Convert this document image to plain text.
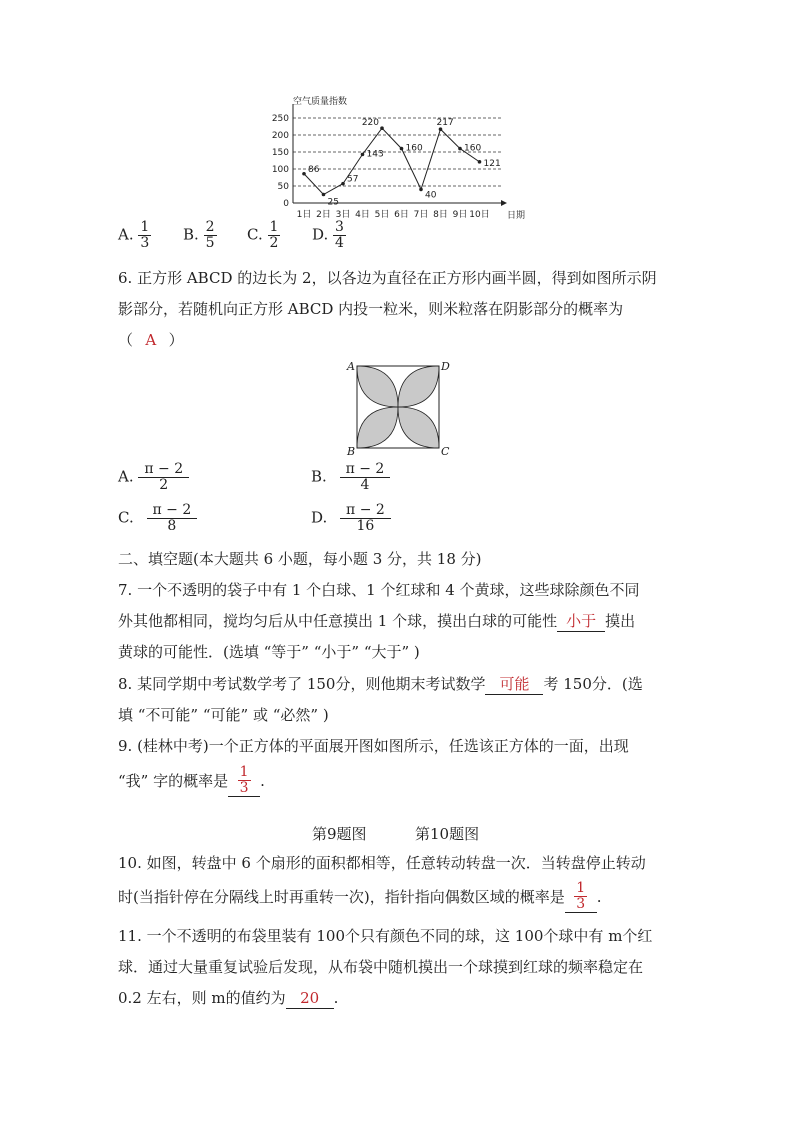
空气质量指数
0
50
100
150
200
250
1日 2日 3日 4日 5日 6日 7日 8日 9日 10日
86
25
57
143
220
160
40
217
160
121
日期
A. $\frac{1}{3} B$. $\frac{2}{5} C$. $\frac{1}{2} D$. $\frac{3}{4}$
6. 正方形 ABCD 的边长为 2，以各边为直径在正方形内画半圆，得到如图所示阴
影部分，若随机向正方形 ABCD 内投一粒米，则米粒落在阴影部分的概率为
（ A ）
A	D
B	C
A. $\frac{\pi - 2}{2}$	B. $\frac{\pi - 2}{4}$
C. $\frac{\pi - 2}{8}$	D. $\frac{\pi - 2}{16}$
二、填空题(本大题共 6 小题，每小题 3 分，共 18 分)
7. 一个不透明的袋子中有 1 个白球、1 个红球和 4 个黄球，这些球除颜色不同
外其他都相同，搅均匀后从中任意摸出 1 个球，摸出白球的可能性 小于 摸出
黄球的可能性．(选填 “等于” “小于” “大于” )
8. 某同学期中考试数学考了 150分，则他期末考试数学 可能 考 150分．(选
填 “不可能” “可能” 或 “必然” )
9. (桂林中考)一个正方体的平面展开图如图所示，任选该正方体的一面，出现
“我” 字的概率是 $\frac{1}{3}$ .
第9题图	第10题图
10. 如图，转盘中 6 个扇形的面积都相等，任意转动转盘一次．当转盘停止转动
时(当指针停在分隔线上时再重转一次)，指针指向偶数区域的概率是 $\frac{1}{3}$ .
11. 一个不透明的布袋里装有 100个只有颜色不同的球，这 100个球中有 m个红
球．通过大量重复试验后发现，从布袋中随机摸出一个球摸到红球的频率稳定在
0.2 左右，则 m的值约为 20 .
